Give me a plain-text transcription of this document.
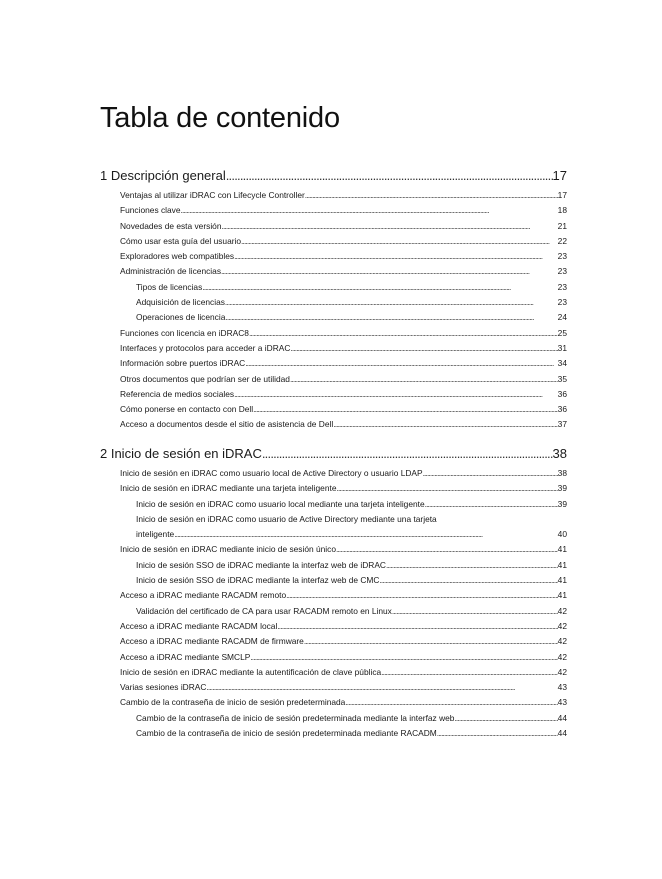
Tabla de contenido
1 Descripción general . . .	17
Ventajas al utilizar iDRAC con Lifecycle Controller . . .	17
Funciones clave . . .	18
Novedades de esta versión . . .	21
Cómo usar esta guía del usuario . . .	22
Exploradores web compatibles . . .	23
Administración de licencias . . .	23
Tipos de licencias . . .	23
Adquisición de licencias . . .	23
Operaciones de licencia . . .	24
Funciones con licencia en iDRAC8 . . .	25
Interfaces y protocolos para acceder a iDRAC . . .	31
Información sobre puertos iDRAC . . .	34
Otros documentos que podrían ser de utilidad . . .	35
Referencia de medios sociales . . .	36
Cómo ponerse en contacto con Dell . . .	36
Acceso a documentos desde el sitio de asistencia de Dell . . .	37
2 Inicio de sesión en iDRAC . . .	38
Inicio de sesión en iDRAC como usuario local de Active Directory o usuario LDAP . . .	38
Inicio de sesión en iDRAC mediante una tarjeta inteligente . . .	39
Inicio de sesión en iDRAC como usuario local mediante una tarjeta inteligente . . .	39
Inicio de sesión en iDRAC como usuario de Active Directory mediante una tarjeta
inteligente . . .	40
Inicio de sesión en iDRAC mediante inicio de sesión único . . .	41
Inicio de sesión SSO de iDRAC mediante la interfaz web de iDRAC . . .	41
Inicio de sesión SSO de iDRAC mediante la interfaz web de CMC . . .	41
Acceso a iDRAC mediante RACADM remoto . . .	41
Validación del certificado de CA para usar RACADM remoto en Linux . . .	42
Acceso a iDRAC mediante RACADM local . . .	42
Acceso a iDRAC mediante RACADM de firmware . . .	42
Acceso a iDRAC mediante SMCLP . . .	42
Inicio de sesión en iDRAC mediante la autentificación de clave pública . . .	42
Varias sesiones iDRAC . . .	43
Cambio de la contraseña de inicio de sesión predeterminada . . .	43
Cambio de la contraseña de inicio de sesión predeterminada mediante la interfaz web . . .	44
Cambio de la contraseña de inicio de sesión predeterminada mediante RACADM . . .	44
